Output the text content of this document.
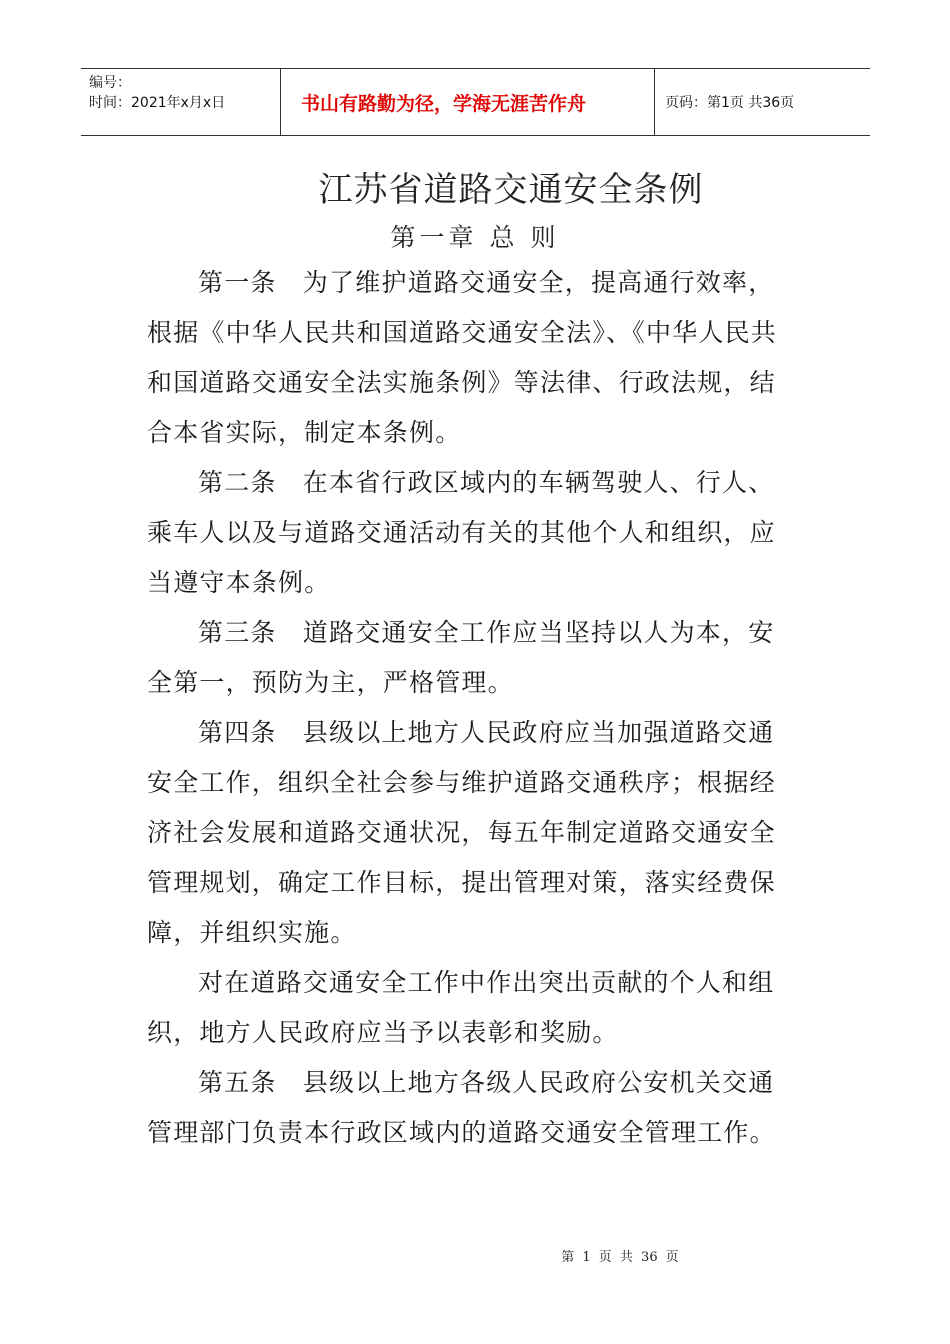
编号：
时间：2021年x月x日	书山有路勤为径，学海无涯苦作舟	页码：第1页 共36页
江苏省道路交通安全条例
第一章 总 则
第一条　为了维护道路交通安全，提高通行效率，根据《中华人民共和国道路交通安全法》、《中华人民共和国道路交通安全法实施条例》等法律、行政法规，结合本省实际，制定本条例。
第二条　在本省行政区域内的车辆驾驶人、行人、乘车人以及与道路交通活动有关的其他个人和组织，应当遵守本条例。
第三条　道路交通安全工作应当坚持以人为本，安全第一，预防为主，严格管理。
第四条　县级以上地方人民政府应当加强道路交通安全工作，组织全社会参与维护道路交通秩序；根据经济社会发展和道路交通状况，每五年制定道路交通安全管理规划，确定工作目标，提出管理对策，落实经费保障，并组织实施。
对在道路交通安全工作中作出突出贡献的个人和组织，地方人民政府应当予以表彰和奖励。
第五条　县级以上地方各级人民政府公安机关交通管理部门负责本行政区域内的道路交通安全管理工作。
第 1 页 共 36 页
